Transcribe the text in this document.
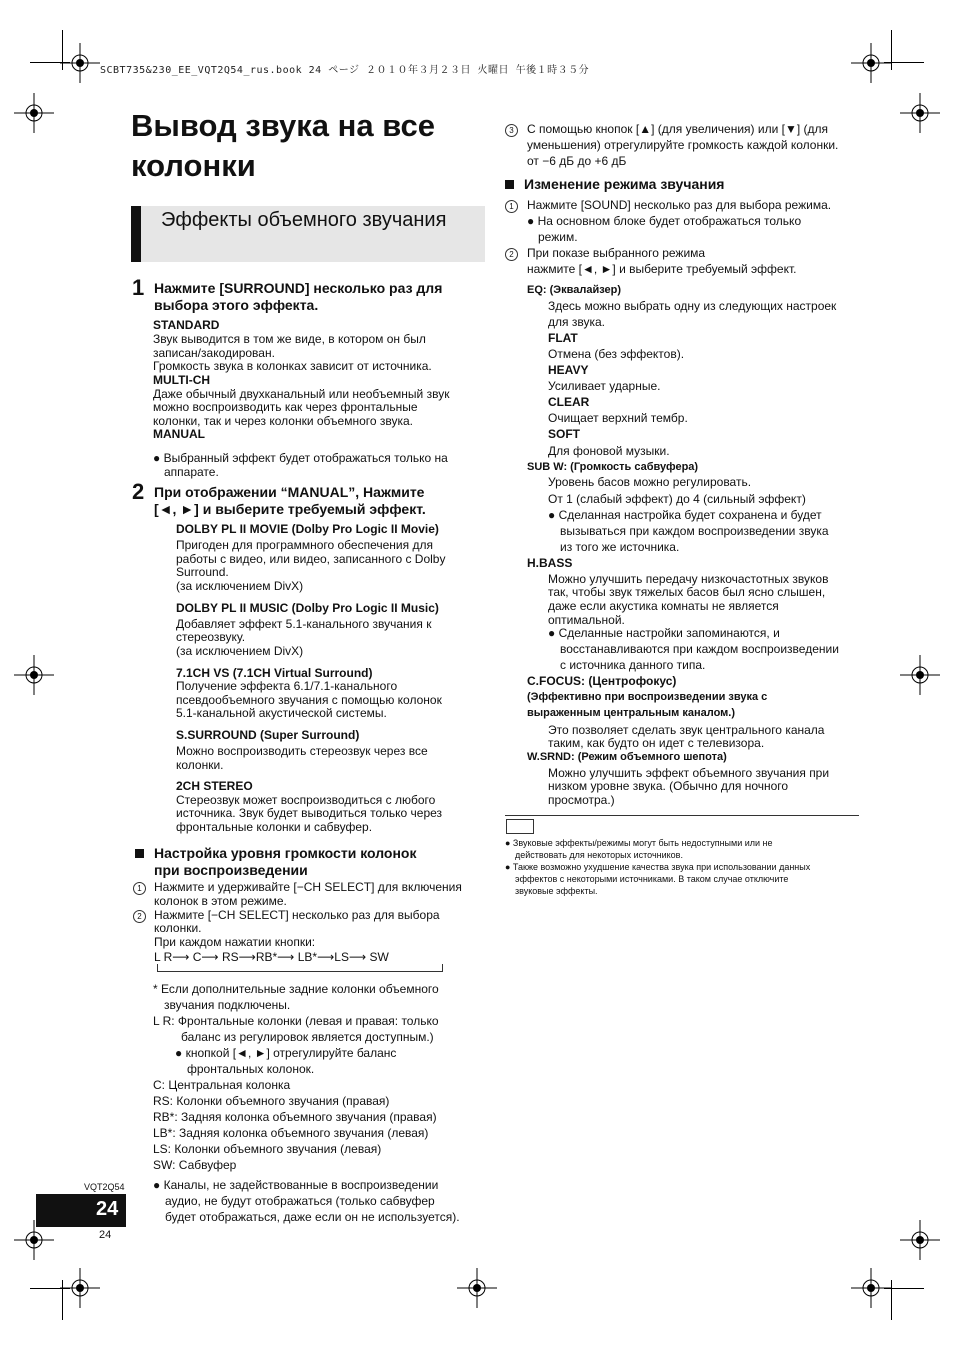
SCBT735&230_EE_VQT2Q54_rus.book 24 ページ ２０１０年３月２３日 火曜日 午後１時３５分
Вывод звука на все колонки
Эффекты объемного звучания
1 Нажмите [SURROUND] несколько раз для выбора этого эффекта.
STANDARD
Звук выводится в том же виде, в котором он был
записан/закодирован.
Громкость звука в колонках зависит от источника.
MULTI-CH
Даже обычный двухканальный или необъемный звук
можно воспроизводить как через фронтальные
колонки, так и через колонки объемного звука.
MANUAL
● Выбранный эффект будет отображаться только на
аппарате.
2 При отображении “MANUAL”, Нажмите
[◄, ►] и выберите требуемый эффект.
DOLBY PL II MOVIE (Dolby Pro Logic II Movie)
Пригоден для программного обеспечения для
работы с видео, или видео, записанного с Dolby
Surround.
(за исключением DivX)
DOLBY PL II MUSIC (Dolby Pro Logic II Music)
Добавляет эффект 5.1-канального звучания к
стереозвуку.
(за исключением DivX)
7.1CH VS (7.1CH Virtual Surround)
Получение эффекта 6.1/7.1-канального
псевдообъемного звучания с помощью колонок
5.1-канальной акустической системы.
S.SURROUND (Super Surround)
Можно воспроизводить стереозвук через все
колонки.
2CH STEREO
Стереозвук может воспроизводиться с любого
источника. Звук будет выводиться только через
фронтальные колонки и сабвуфер.
Настройка уровня громкости колонок
при воспроизведении
1	Нажмите и удерживайте [−CH SELECT] для включения
колонок в этом режиме.
2	Нажмите [−CH SELECT] несколько раз для выбора
колонки.
При каждом нажатии кнопки:
L R⟶ C⟶ RS⟶RB*⟶ LB*⟶LS⟶ SW
* Если дополнительные задние колонки объемного
звучания подключены.
L R: Фронтальные колонки (левая и правая: только
баланс из регулировок является доступным.)
● кнопкой [◄, ►] отрегулируйте баланс
фронтальных колонок.
C: Центральная колонка
RS: Колонки объемного звучания (правая)
RB*: Задняя колонка объемного звучания (правая)
LB*: Задняя колонка объемного звучания (левая)
LS: Колонки объемного звучания (левая)
SW: Сабвуфер
● Каналы, не задействованные в воспроизведении
аудио, не будут отображаться (только сабвуфер
будет отображаться, даже если он не используется).
3	С помощью кнопок [▲] (для увеличения) или [▼] (для
уменьшения) отрегулируйте громкость каждой колонки.
от −6 дБ до +6 дБ
Изменение режима звучания
1	Нажмите [SOUND] несколько раз для выбора режима.
● На основном блоке будет отображаться только
режим.
2	При показе выбранного режима
нажмите [◄, ►] и выберите требуемый эффект.
EQ: (Эквалайзер)
Здесь можно выбрать одну из следующих настроек
для звука.
FLAT
Отмена (без эффектов).
HEAVY
Усиливает ударные.
CLEAR
Очищает верхний тембр.
SOFT
Для фоновой музыки.
SUB W: (Громкость сабвуфера)
Уровень басов можно регулировать.
От 1 (слабый эффект) до 4 (сильный эффект)
● Сделанная настройка будет сохранена и будет
вызываться при каждом воспроизведении звука
из того же источника.
H.BASS
Можно улучшить передачу низкочастотных звуков
так, чтобы звук тяжелых басов был ясно слышен,
даже если акустика комнаты не является
оптимальной.
● Сделанные настройки запоминаются, и
восстанавливаются при каждом воспроизведении
с источника данного типа.
C.FOCUS: (Центрофокус)
(Эффективно при воспроизведении звука с
выраженным центральным каналом.)
Это позволяет сделать звук центрального канала
таким, как будто он идет с телевизора.
W.SRND: (Режим объемного шепота)
Можно улучшить эффект объемного звучания при
низком уровне звука. (Обычно для ночного
просмотра.)
● Звуковые эффекты/режимы могут быть недоступными или не
действовать для некоторых источников.
● Также возможно ухудшение качества звука при использовании данных
эффектов с некоторыми источниками. В таком случае отключите
звуковые эффекты.
VQT2Q54
24
24
